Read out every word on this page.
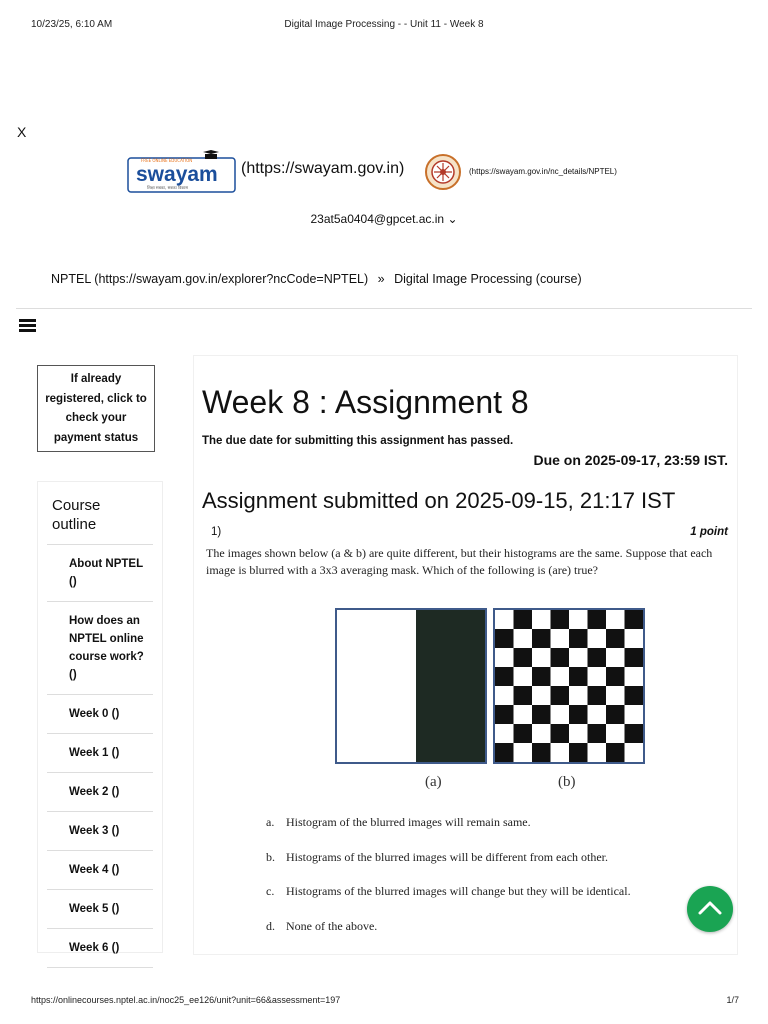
10/23/25, 6:10 AM	Digital Image Processing - - Unit 11 - Week 8
X
FREE ONLINE EDUCATION
swayam
शिक्षा सबका, सबका विकास
(https://swayam.gov.in)	(https://swayam.gov.in/nc_details/NPTEL)
23at5a0404@gpcet.ac.in ⌄
NPTEL (https://swayam.gov.in/explorer?ncCode=NPTEL) » Digital Image Processing (course)
If already registered, click to check your payment status
Course outline
About NPTEL ()
How does an NPTEL online course work? ()
Week 0 ()
Week 1 ()
Week 2 ()
Week 3 ()
Week 4 ()
Week 5 ()
Week 6 ()
Week 8 : Assignment 8
The due date for submitting this assignment has passed.
Due on 2025-09-17, 23:59 IST.
Assignment submitted on 2025-09-15, 21:17 IST
1)	1 point
The images shown below (a & b) are quite different, but their histograms are the same. Suppose that each image is blurred with a 3x3 averaging mask. Which of the following is (are) true?
(a)	(b)
a. Histogram of the blurred images will remain same.
b. Histograms of the blurred images will be different from each other.
c. Histograms of the blurred images will change but they will be identical.
d. None of the above.
https://onlinecourses.nptel.ac.in/noc25_ee126/unit?unit=66&assessment=197	1/7
